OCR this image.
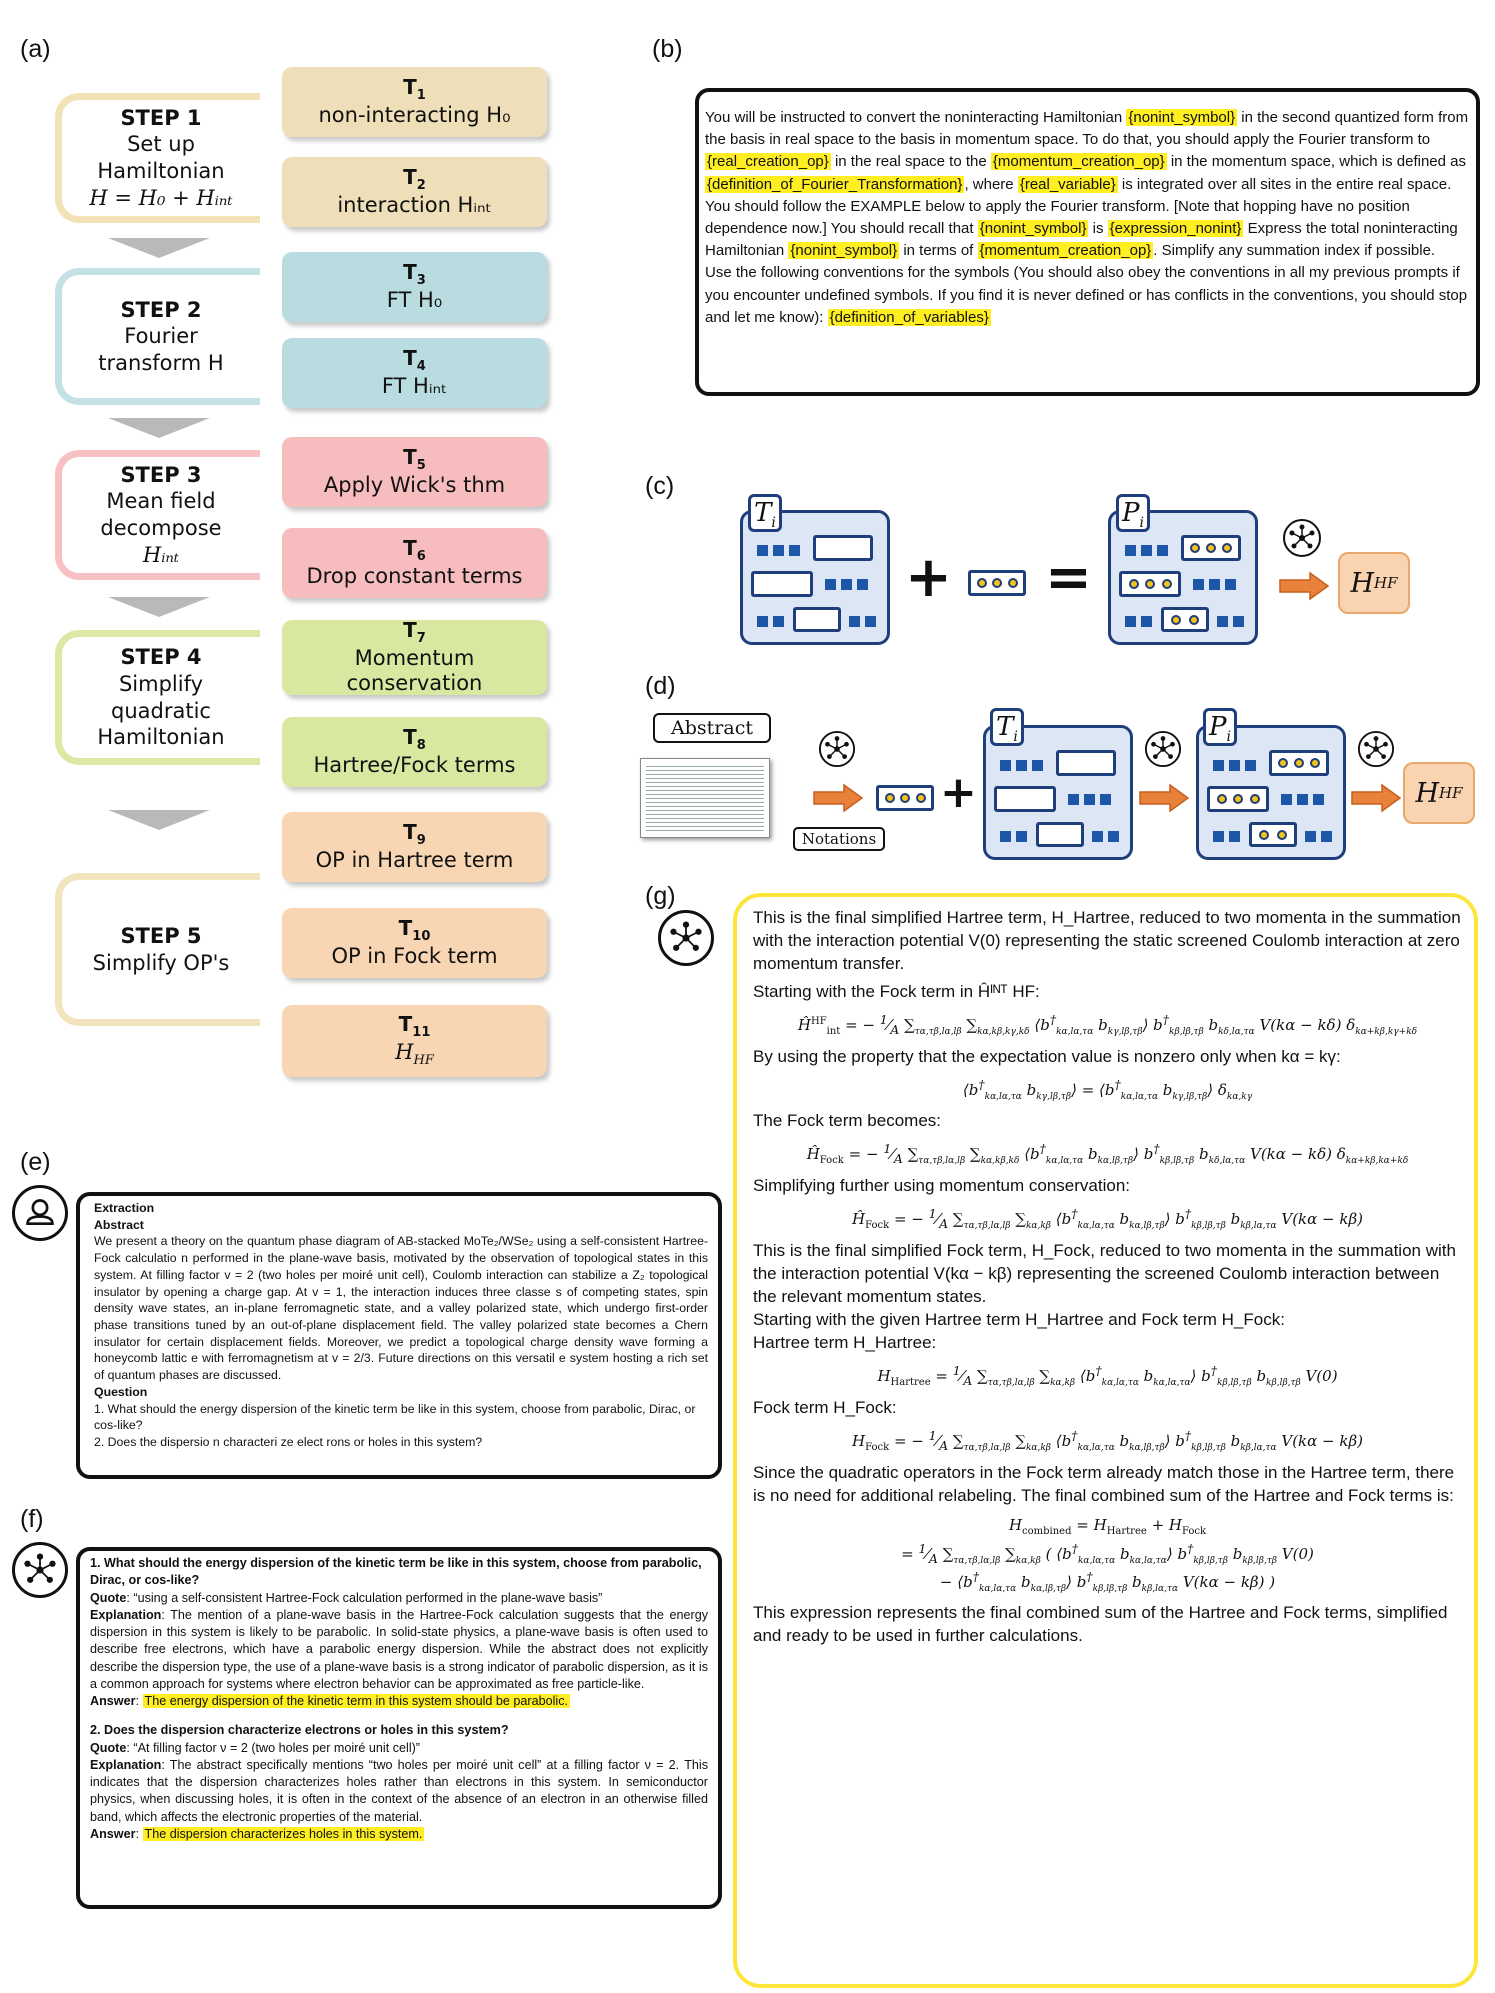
(a)	(b)
(c)
(d)
(e)
(f)
(g)
STEP 1
Set up
Hamiltonian
H = H₀ + Hᵢₙₜ
STEP 2
Fourier
transform H
STEP 3
Mean field
decompose
Hᵢₙₜ
STEP 4
Simplify
quadratic
Hamiltonian
STEP 5
Simplify OP's
$T_1$
non-interacting H₀
$T_2$
interaction Hᵢₙₜ
$T_3$
FT H₀
$T_4$
FT Hᵢₙₜ
$T_5$
Apply Wick's thm
$T_6$
Drop constant terms
$T_7$
Momentum conservation
$T_8$
Hartree/Fock terms
$T_9$
OP in Hartree term
$T_{10}$
OP in Fock term
$T_{11}$
$H_{HF}$

You will be instructed to convert the noninteracting Hamiltonian {nonint_symbol} in the second quantized form from the basis in real space to the basis in momentum space. To do that, you should apply the Fourier transform to {real_creation_op} in the real space to the {momentum_creation_op} in the momentum space, which is defined as {definition_of_Fourier_Transformation} , where {real_variable} is integrated over all sites in the entire real space. You should follow the EXAMPLE below to apply the Fourier transform. [Note that hopping have no position dependence now.] You should recall that {nonint_symbol} is {expression_nonint} Express the total noninteracting Hamiltonian {nonint_symbol} in terms of {momentum_creation_op} . Simplify any summation index if possible.

Use the following conventions for the symbols (You should also obey the conventions in all my previous prompts if you encounter undefined symbols. If you find it is never defined or has conflicts in the conventions, you should stop and let me know): {definition_of_variables}

$T_i$
+ =
$P_i$
H HF
Abstract
Notations
+
$T_i$	$P_i$
H HF
Extraction
Abstract
We present a theory on the quantum phase diagram of AB-stacked MoTe₂/WSe₂ using a self-consistent Hartree-Fock calculatio n performed in the plane-wave basis, motivated by the observation of topological states in this system. At filling factor v = 2 (two holes per moiré unit cell), Coulomb interaction can stabilize a Z₂ topological insulator by opening a charge gap. At v = 1, the interaction induces three classe s of competing states, spin density wave states, an in-plane ferromagnetic state, and a valley polarized state, which undergo first-order phase transitions tuned by an out-of-plane displacement field. The valley polarized state becomes a Chern insulator for certain displacement fields. Moreover, we predict a topological charge density wave forming a honeycomb lattic e with ferromagnetism at v = 2/3. Future directions on this versatil e system hosting a rich set of quantum phases are discussed.
Question
1. What should the energy dispersion of the kinetic term be like in this system, choose from parabolic, Dirac, or cos-like?
2. Does the dispersio n characteri ze elect rons or holes in this system?
1. What should the energy dispersion of the kinetic term be like in this system, choose from parabolic, Dirac, or cos-like?
Quote: “using a self-consistent Hartree-Fock calculation performed in the plane-wave basis”
Explanation: The mention of a plane-wave basis in the Hartree-Fock calculation suggests that the energy dispersion in this system is likely to be parabolic. In solid-state physics, a plane-wave basis is often used to describe free electrons, which have a parabolic energy dispersion. While the abstract does not explicitly describe the dispersion type, the use of a plane-wave basis is a strong indicator of parabolic dispersion, as it is a common approach for systems where electron behavior can be approximated as free particle-like.
Answer: The energy dispersion of the kinetic term in this system should be parabolic.
2. Does the dispersion characterize electrons or holes in this system?
Quote: “At filling factor ν = 2 (two holes per moiré unit cell)”
Explanation: The abstract specifically mentions “two holes per moiré unit cell” at a filling factor ν = 2. This indicates that the dispersion characterizes holes rather than electrons in this system. In semiconductor physics, when discussing holes, it is often in the context of the absence of an electron in an otherwise filled band, which affects the electronic properties of the material.
Answer: The dispersion characterizes holes in this system.

This is the final simplified Hartree term, H_Hartree, reduced to two momenta in the summation with the interaction potential V(0) representing the static screened Coulomb interaction at zero momentum transfer.

Starting with the Fock term in Ĥᴵᴺᵀ HF:

$Ĥ^{HF}_{int}$ = − $^1⁄_A$ $\sum_{\tau\alpha,\tau\beta,l\alpha,l\beta}$ $\sum_{k\alpha,k\beta,k\gamma,k\delta}$ $⟨b^\dagger_{k\alpha,l\alpha,\tau\alpha}$ $b_{k\gamma,l\beta,\tau\beta}⟩$ $b^\dagger_{k\beta,l\beta,\tau\beta}$ $b_{k\delta,l\alpha,\tau\alpha}$ V(kα − kδ) $\delta_{k\alpha+k\beta,k\gamma+k\delta}$

By using the property that the expectation value is nonzero only when kα = kγ:

$⟨b^\dagger_{k\alpha,l\alpha,\tau\alpha}$ $b_{k\gamma,l\beta,\tau\beta}⟩$ = $⟨b^\dagger_{k\alpha,l\alpha,\tau\alpha}$ $b_{k\gamma,l\beta,\tau\beta}⟩$ $\delta_{k\alpha,k\gamma}$

The Fock term becomes:

$Ĥ_{Fock}$ = − $^1⁄_A$ $\sum_{\tau\alpha,\tau\beta,l\alpha,l\beta}$ $\sum_{k\alpha,k\beta,k\delta}$ $⟨b^\dagger_{k\alpha,l\alpha,\tau\alpha}$ $b_{k\alpha,l\beta,\tau\beta}⟩$ $b^\dagger_{k\beta,l\beta,\tau\beta}$ $b_{k\delta,l\alpha,\tau\alpha}$ V(kα − kδ) $\delta_{k\alpha+k\beta,k\alpha+k\delta}$

Simplifying further using momentum conservation:

$Ĥ_{Fock}$ = − $^1⁄_A$ $\sum_{\tau\alpha,\tau\beta,l\alpha,l\beta}$ $\sum_{k\alpha,k\beta}$ $⟨b^\dagger_{k\alpha,l\alpha,\tau\alpha}$ $b_{k\alpha,l\beta,\tau\beta}⟩$ $b^\dagger_{k\beta,l\beta,\tau\beta}$ $b_{k\beta,l\alpha,\tau\alpha}$ V(kα − kβ)

This is the final simplified Fock term, H_Fock, reduced to two momenta in the summation with the interaction potential V(kα − kβ) representing the screened Coulomb interaction between the relevant momentum states.

Starting with the given Hartree term H_Hartree and Fock term H_Fock:

Hartree term H_Hartree:

$H_{Hartree}$ = $^1⁄_A$ $\sum_{\tau\alpha,\tau\beta,l\alpha,l\beta}$ $\sum_{k\alpha,k\beta}$ $⟨b^\dagger_{k\alpha,l\alpha,\tau\alpha}$ $b_{k\alpha,l\alpha,\tau\alpha}⟩$ $b^\dagger_{k\beta,l\beta,\tau\beta}$ $b_{k\beta,l\beta,\tau\beta}$ V(0)

Fock term H_Fock:

$H_{Fock}$ = − $^1⁄_A$ $\sum_{\tau\alpha,\tau\beta,l\alpha,l\beta}$ $\sum_{k\alpha,k\beta}$ $⟨b^\dagger_{k\alpha,l\alpha,\tau\alpha}$ $b_{k\alpha,l\beta,\tau\beta}⟩$ $b^\dagger_{k\beta,l\beta,\tau\beta}$ $b_{k\beta,l\alpha,\tau\alpha}$ V(kα − kβ)

Since the quadratic operators in the Fock term already match those in the Hartree term, there is no need for additional relabeling. The final combined sum of the Hartree and Fock terms is:

$H_{combined} = H_{Hartree} + H_{Fock}$
= $^1⁄_A$ $\sum_{\tau\alpha,\tau\beta,l\alpha,l\beta}$ $\sum_{k\alpha,k\beta}$ ( $⟨b^\dagger_{k\alpha,l\alpha,\tau\alpha}$ $b_{k\alpha,l\alpha,\tau\alpha}⟩$ $b^\dagger_{k\beta,l\beta,\tau\beta}$ $b_{k\beta,l\beta,\tau\beta}$ V(0)
− $⟨b^\dagger_{k\alpha,l\alpha,\tau\alpha}$ $b_{k\alpha,l\beta,\tau\beta}⟩$ $b^\dagger_{k\beta,l\beta,\tau\beta}$ $b_{k\beta,l\alpha,\tau\alpha}$ V(kα − kβ) )

This expression represents the final combined sum of the Hartree and Fock terms, simplified and ready to be used in further calculations.
